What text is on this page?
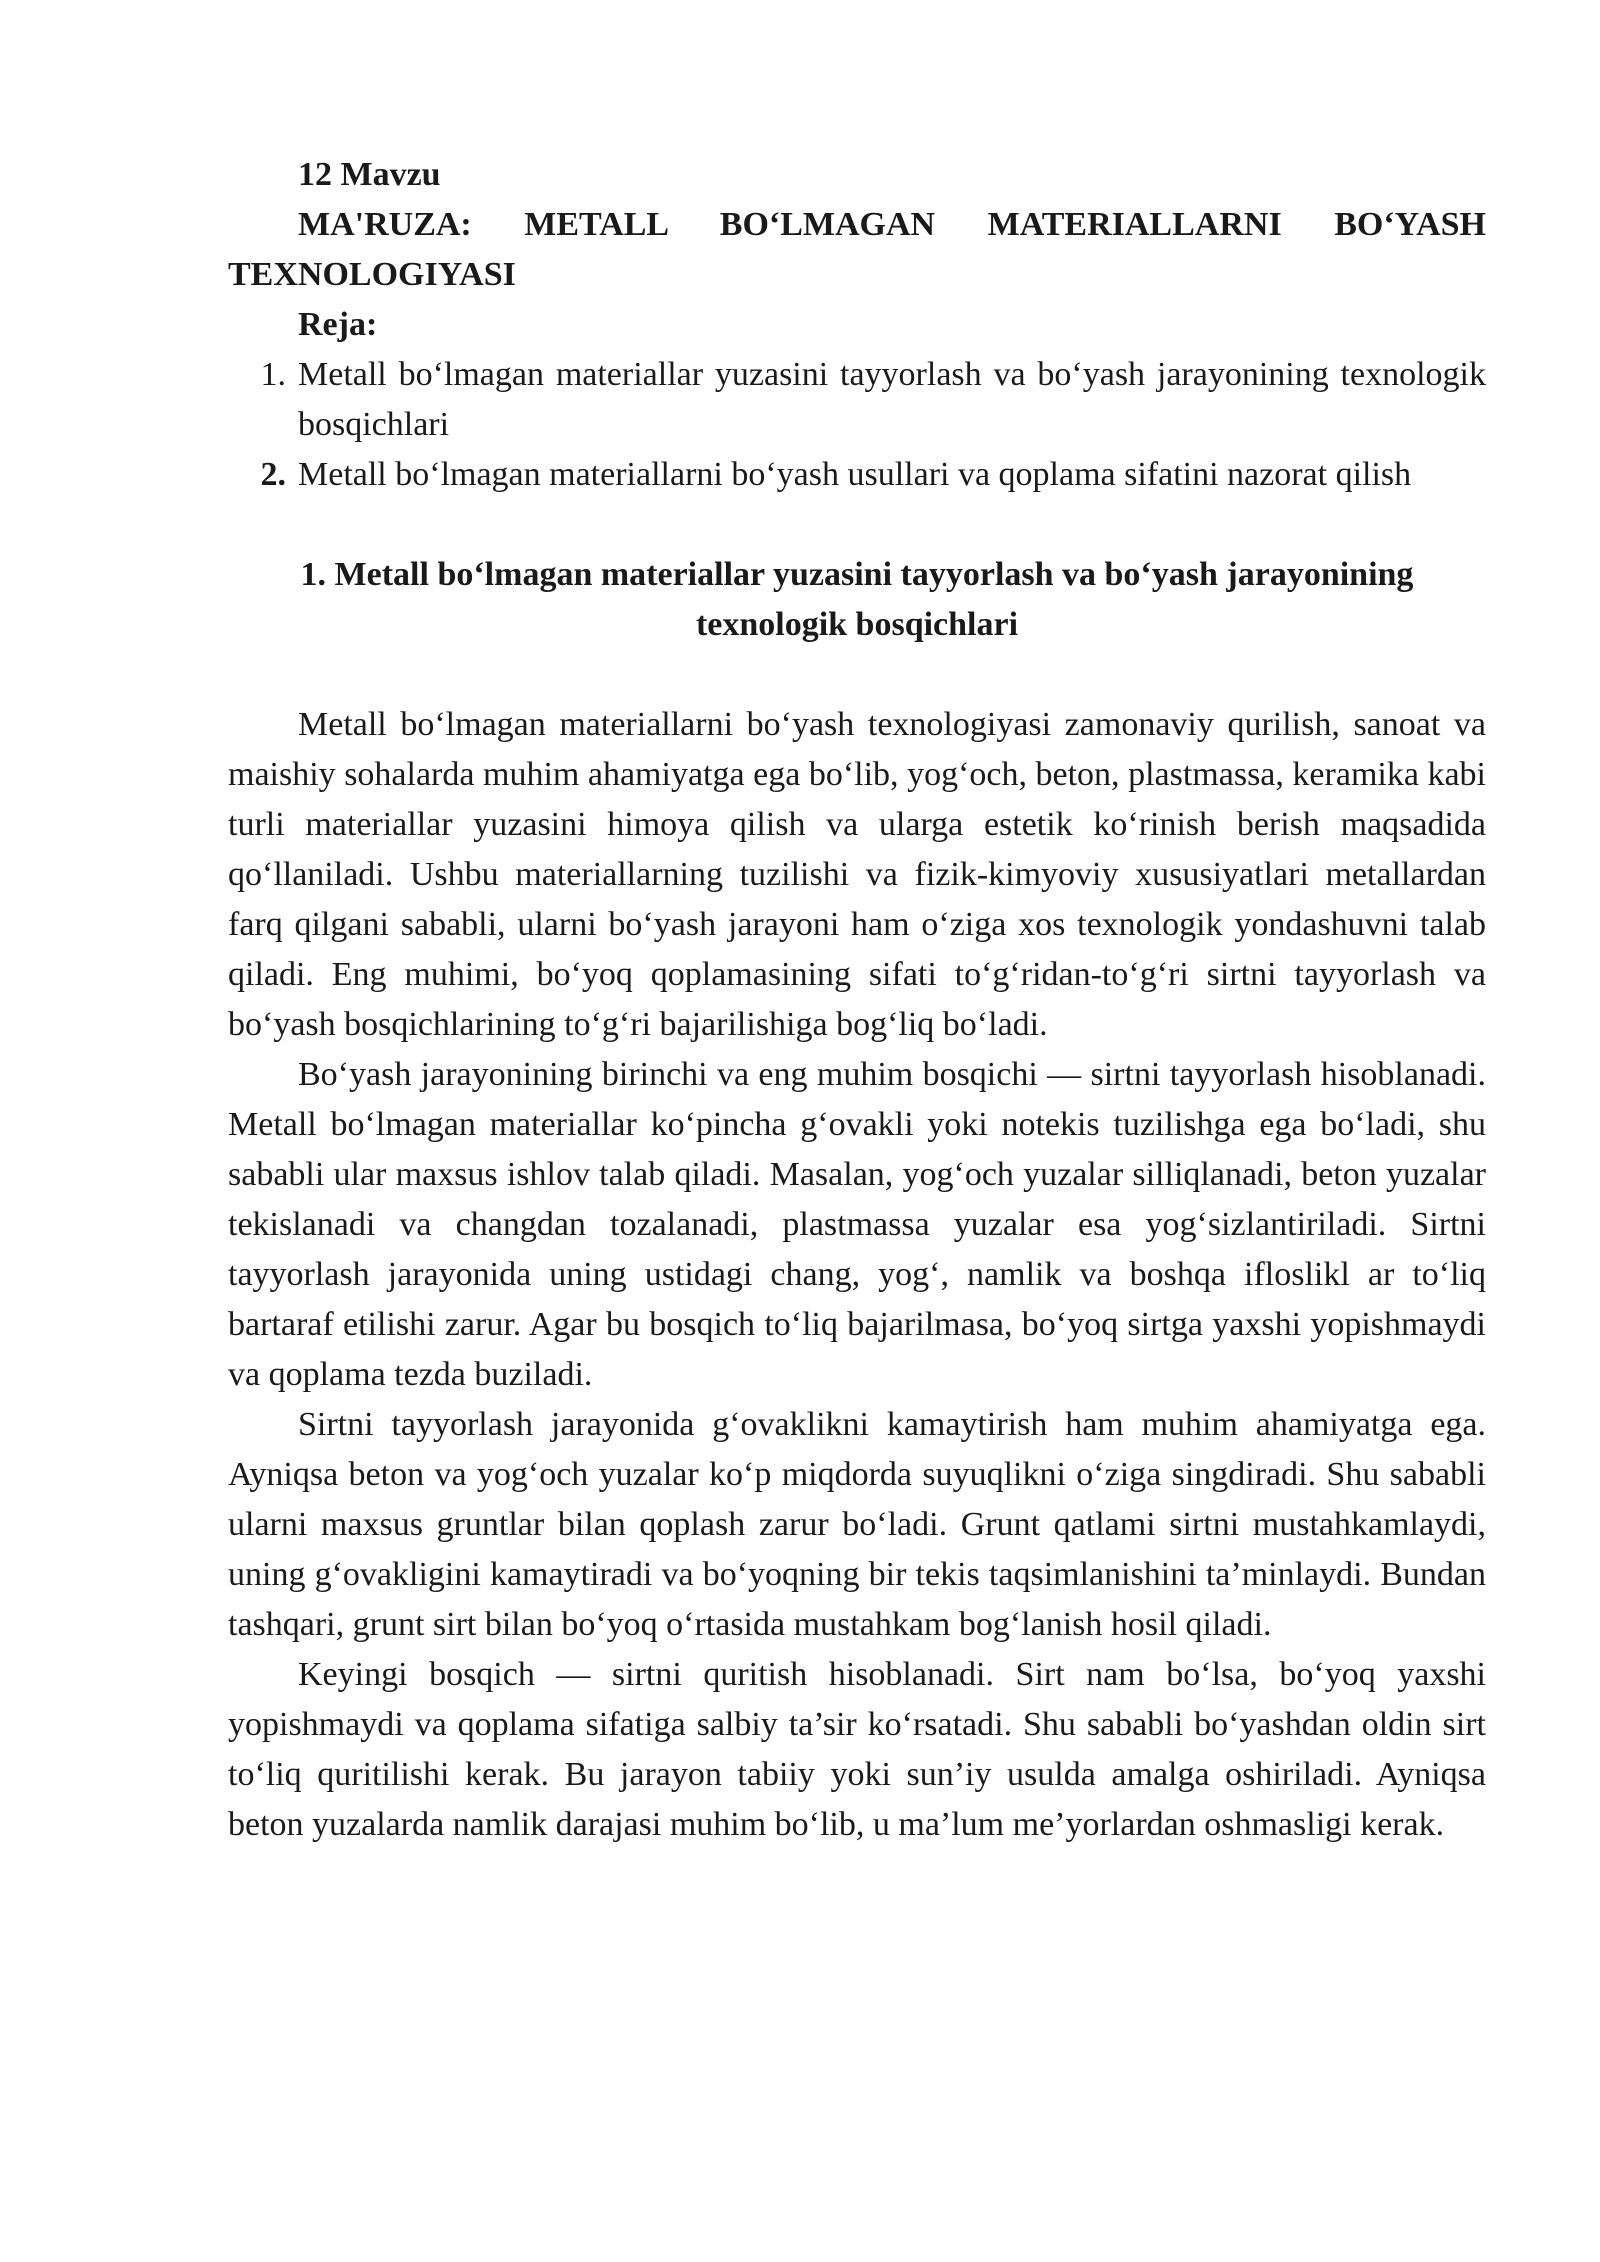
12 Mavzu
MA'RUZA: METALL BO‘LMAGAN MATERIALLARNI BO‘YASH TEXNOLOGIYASI
Reja:
1. Metall bo‘lmagan materiallar yuzasini tayyorlash va bo‘yash jarayonining texnologik bosqichlari
2. Metall bo‘lmagan materiallarni bo‘yash usullari va qoplama sifatini nazorat qilish
1. Metall bo‘lmagan materiallar yuzasini tayyorlash va bo‘yash jarayonining texnologik bosqichlari

Metall bo‘lmagan materiallarni bo‘yash texnologiyasi zamonaviy qurilish, sanoat va maishiy sohalarda muhim ahamiyatga ega bo‘lib, yog‘och, beton, plastmassa, keramika kabi turli materiallar yuzasini himoya qilish va ularga estetik ko‘rinish berish maqsadida qo‘llaniladi. Ushbu materiallarning tuzilishi va fizik-kimyoviy xususiyatlari metallardan farq qilgani sababli, ularni bo‘yash jarayoni ham o‘ziga xos texnologik yondashuvni talab qiladi. Eng muhimi, bo‘yoq qoplamasining sifati to‘g‘ridan-to‘g‘ri sirtni tayyorlash va bo‘yash bosqichlarining to‘g‘ri bajarilishiga bog‘liq bo‘ladi.

Bo‘yash jarayonining birinchi va eng muhim bosqichi — sirtni tayyorlash hisoblanadi. Metall bo‘lmagan materiallar ko‘pincha g‘ovakli yoki notekis tuzilishga ega bo‘ladi, shu sababli ular maxsus ishlov talab qiladi. Masalan, yog‘och yuzalar silliqlanadi, beton yuzalar tekislanadi va changdan tozalanadi, plastmassa yuzalar esa yog‘sizlantiriladi. Sirtni tayyorlash jarayonida uning ustidagi chang, yog‘, namlik va boshqa ifloslikl ar to‘liq bartaraf etilishi zarur. Agar bu bosqich to‘liq bajarilmasa, bo‘yoq sirtga yaxshi yopishmaydi va qoplama tezda buziladi.

Sirtni tayyorlash jarayonida g‘ovaklikni kamaytirish ham muhim ahamiyatga ega. Ayniqsa beton va yog‘och yuzalar ko‘p miqdorda suyuqlikni o‘ziga singdiradi. Shu sababli ularni maxsus gruntlar bilan qoplash zarur bo‘ladi. Grunt qatlami sirtni mustahkamlaydi, uning g‘ovakligini kamaytiradi va bo‘yoqning bir tekis taqsimlanishini ta’minlaydi. Bundan tashqari, grunt sirt bilan bo‘yoq o‘rtasida mustahkam bog‘lanish hosil qiladi.

Keyingi bosqich — sirtni quritish hisoblanadi. Sirt nam bo‘lsa, bo‘yoq yaxshi yopishmaydi va qoplama sifatiga salbiy ta’sir ko‘rsatadi. Shu sababli bo‘yashdan oldin sirt to‘liq quritilishi kerak. Bu jarayon tabiiy yoki sun’iy usulda amalga oshiriladi. Ayniqsa beton yuzalarda namlik darajasi muhim bo‘lib, u ma’lum me’yorlardan oshmasligi kerak.
